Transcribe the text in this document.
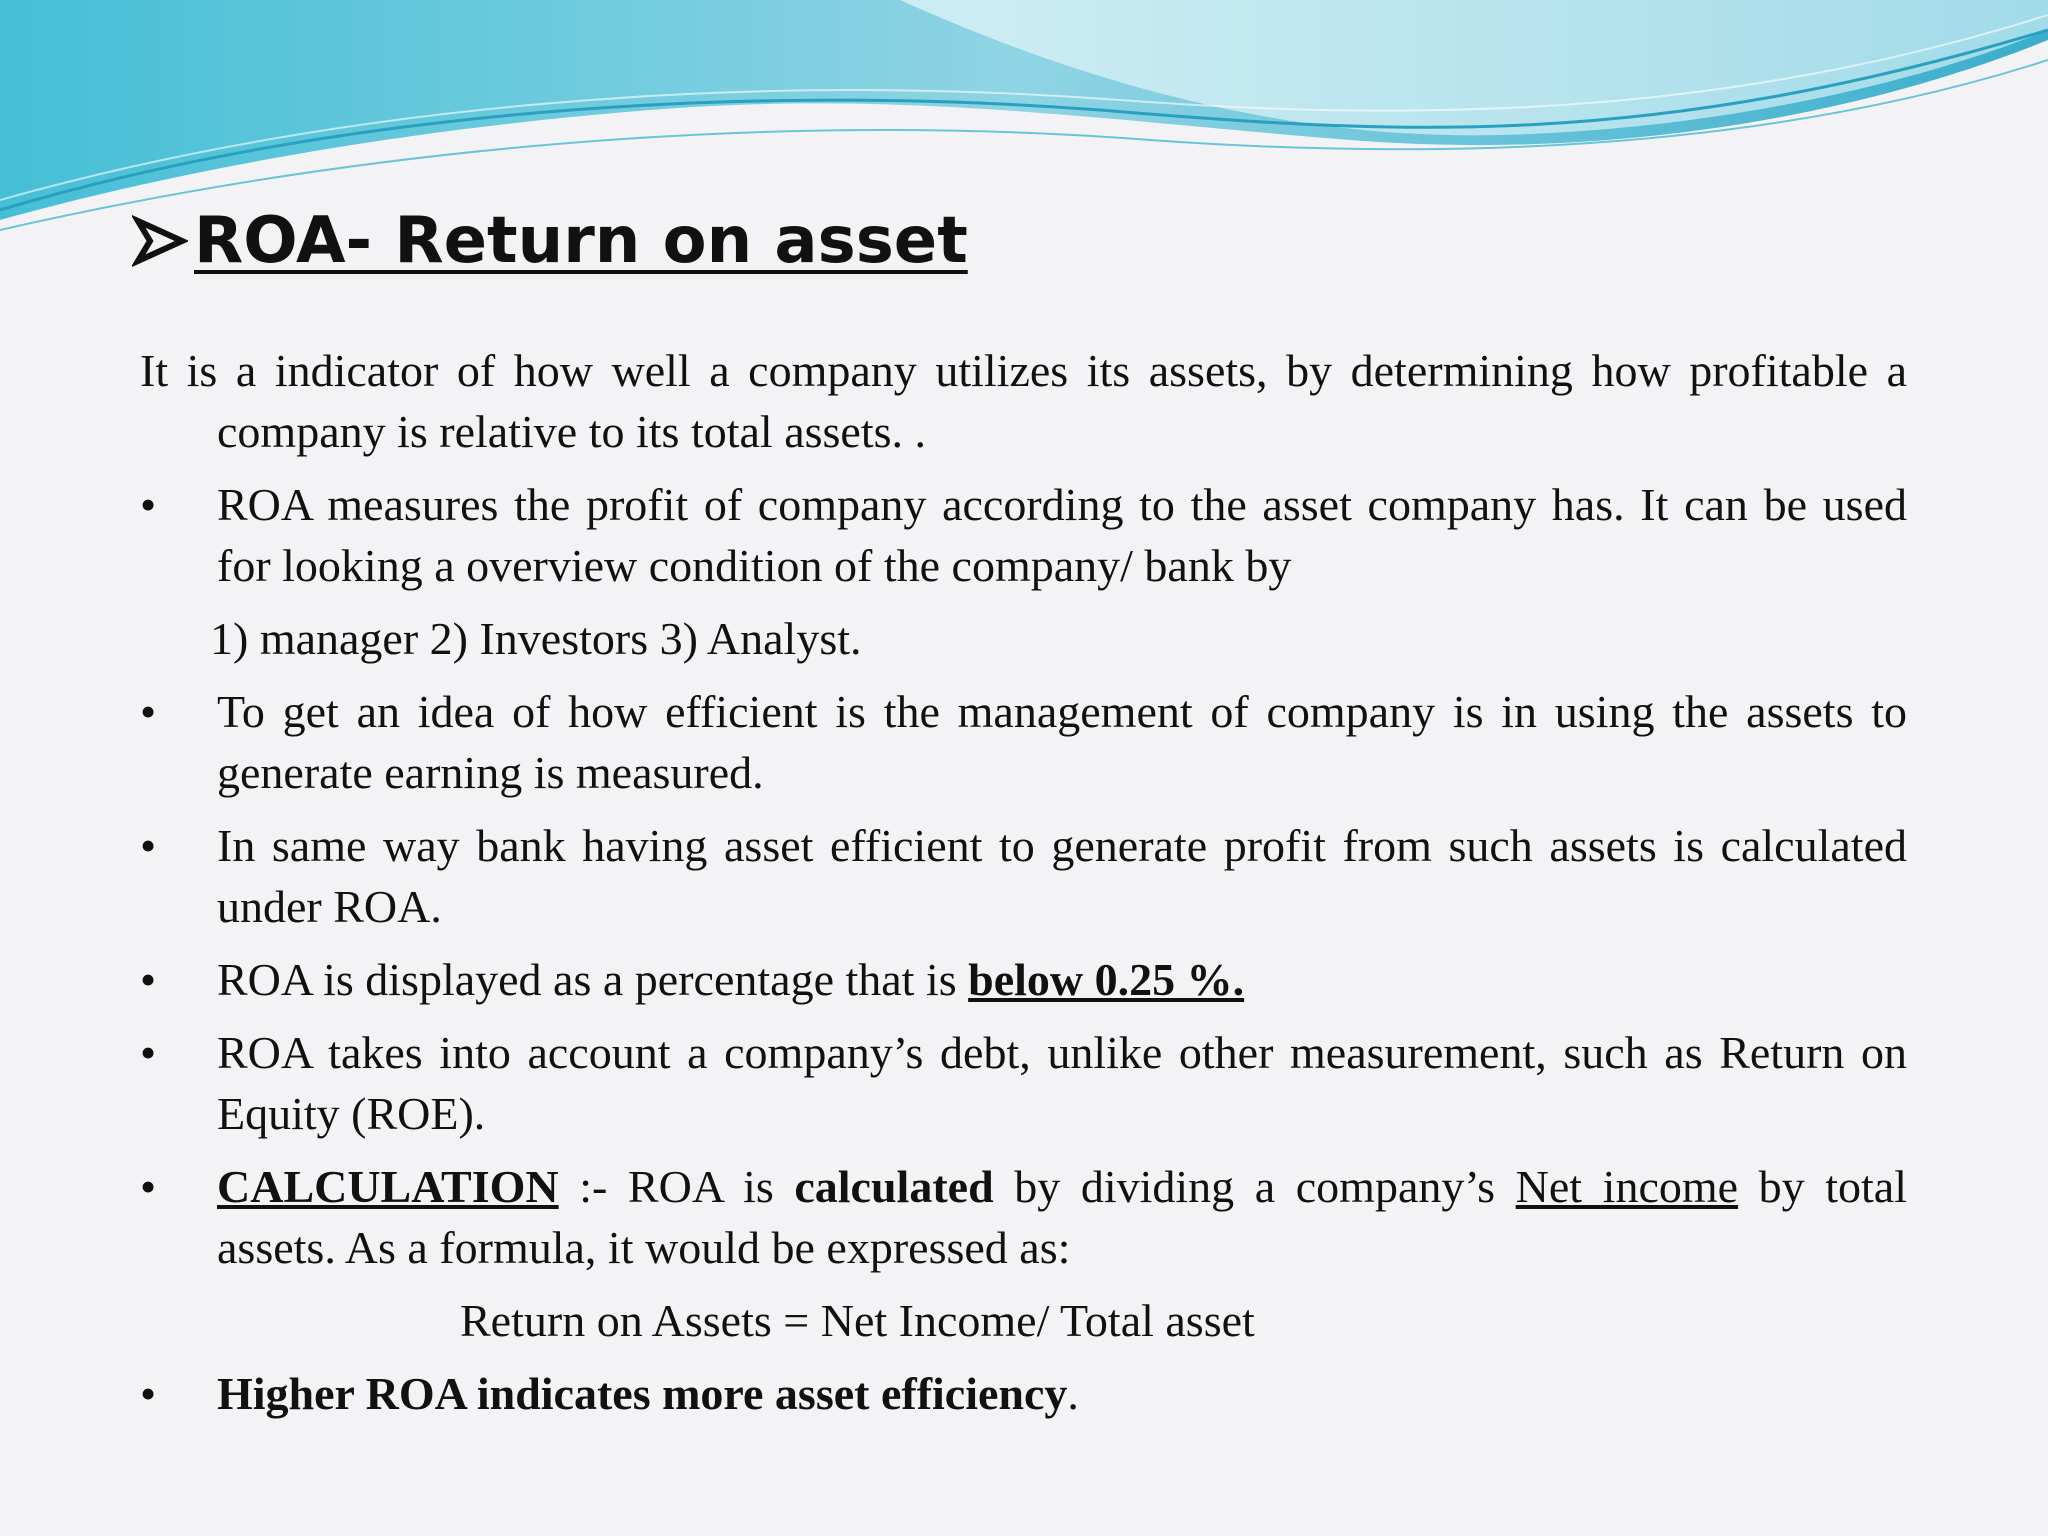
ROA- Return on asset

It is a indicator of how well a company utilizes its assets, by determining how profitable a company is relative to its total assets. .

• ROA measures the profit of company according to the asset company has. It can be used for looking a overview condition of the company/ bank by
1) manager 2) Investors 3) Analyst.
• To get an idea of how efficient is the management of company is in using the assets to generate earning is measured.
• In same way bank having asset efficient to generate profit from such assets is calculated under ROA.
• ROA is displayed as a percentage that is below 0.25 %.
• ROA takes into account a company’s debt, unlike other measurement, such as Return on Equity (ROE).
• CALCULATION :- ROA is calculated by dividing a company’s Net income by total assets. As a formula, it would be expressed as:
Return on Assets = Net Income/ Total asset
• Higher ROA indicates more asset efficiency.
